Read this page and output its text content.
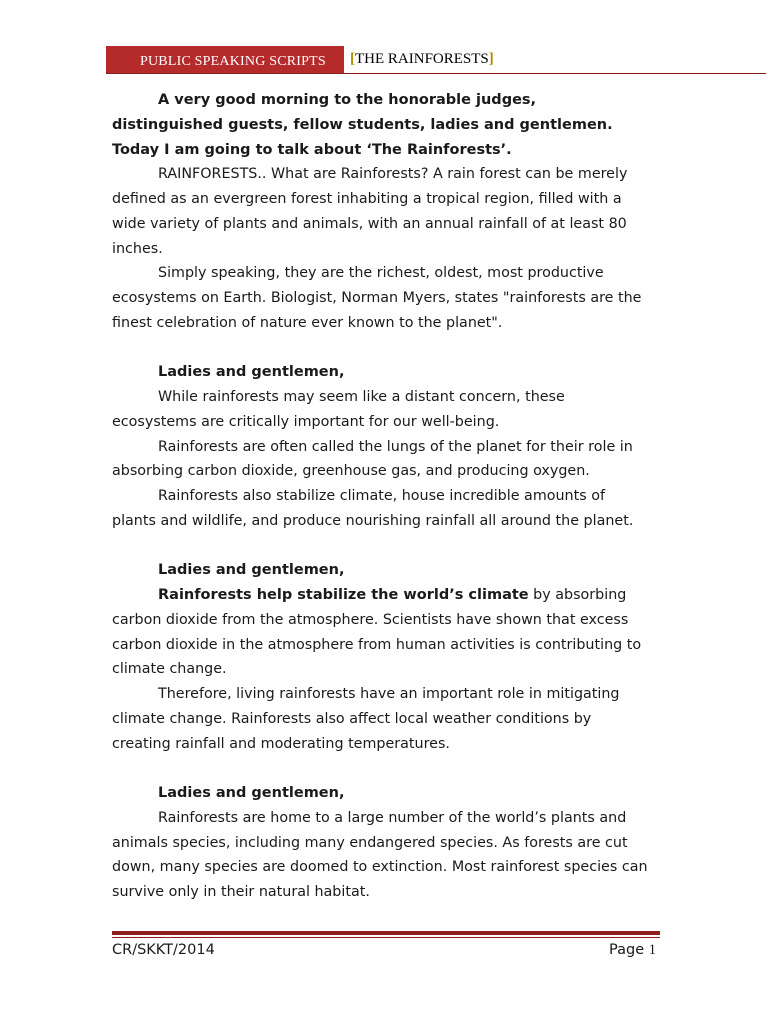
PUBLIC SPEAKING SCRIPTS [THE RAINFORESTS]

A very good morning to the honorable judges, distinguished guests, fellow students, ladies and gentlemen. Today I am going to talk about ‘The Rainforests’.

RAINFORESTS.. What are Rainforests? A rain forest can be merely defined as an evergreen forest inhabiting a tropical region, filled with a wide variety of plants and animals, with an annual rainfall of at least 80 inches.

Simply speaking, they are the richest, oldest, most productive ecosystems on Earth. Biologist, Norman Myers, states "rainforests are the finest celebration of nature ever known to the planet".

Ladies and gentlemen,

While rainforests may seem like a distant concern, these ecosystems are critically important for our well-being.

Rainforests are often called the lungs of the planet for their role in absorbing carbon dioxide, greenhouse gas, and producing oxygen.

Rainforests also stabilize climate, house incredible amounts of plants and wildlife, and produce nourishing rainfall all around the planet.

Ladies and gentlemen,

Rainforests help stabilize the world’s climate by absorbing carbon dioxide from the atmosphere. Scientists have shown that excess carbon dioxide in the atmosphere from human activities is contributing to climate change.

Therefore, living rainforests have an important role in mitigating climate change. Rainforests also affect local weather conditions by creating rainfall and moderating temperatures.

Ladies and gentlemen,

Rainforests are home to a large number of the world’s plants and animals species, including many endangered species. As forests are cut down, many species are doomed to extinction. Most rainforest species can survive only in their natural habitat.

CR/SKKT/2014	Page 1
